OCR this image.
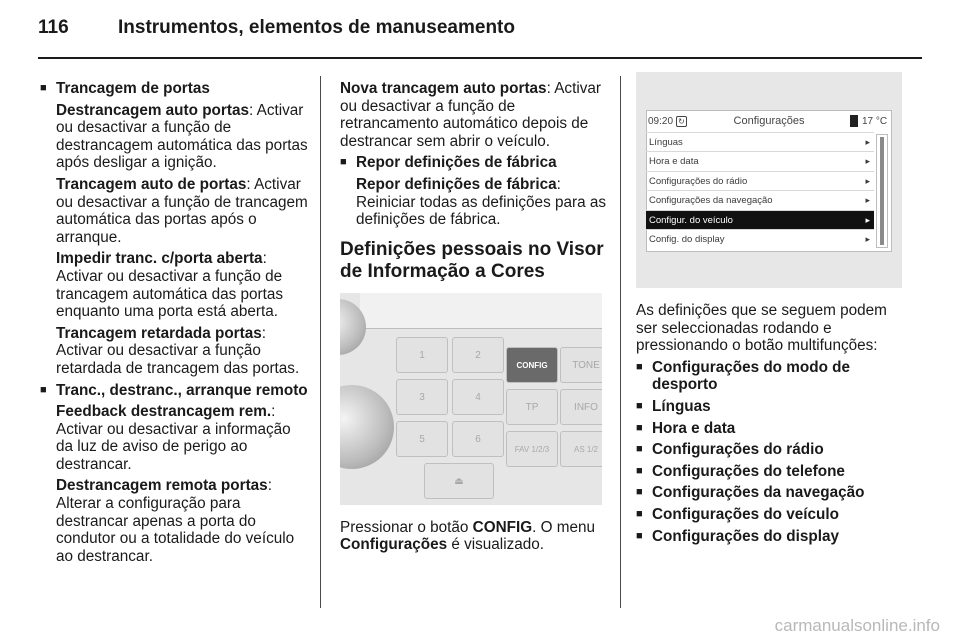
116	Instrumentos, elementos de manuseamento
■ Trancagem de portas
Destrancagem auto portas: Activar ou desactivar a função de destrancagem automática das portas após desligar a ignição.
Trancagem auto de portas: Activar ou desactivar a função de trancagem automática das portas após o arranque.
Impedir tranc. c/porta aberta: Activar ou desactivar a função de trancagem automática das portas enquanto uma porta está aberta.
Trancagem retardada portas: Activar ou desactivar a função retardada de trancagem das portas.
■ Tranc., destranc., arranque remoto
Feedback destrancagem rem.: Activar ou desactivar a informação da luz de aviso de perigo ao destrancar.
Destrancagem remota portas: Alterar a configuração para destrancar apenas a porta do condutor ou a totalidade do veículo ao destrancar.
Nova trancagem auto portas: Activar ou desactivar a função de retrancamento automático depois de destrancar sem abrir o veículo.
■ Repor definições de fábrica
Repor definições de fábrica: Reiniciar todas as definições para as definições de fábrica.
Definições pessoais no Visor de Informação a Cores
1	2
CONFIG	TONE
3	4
TP	INFO
5	6
FAV 1/2/3	AS 1/2
⏏
Pressionar o botão CONFIG. O menu Configurações é visualizado.
09:20 ↻	Configurações	17 °C
Línguas	▸
Hora e data	▸
Configurações do rádio	▸
Configurações da navegação	▸
Configur. do veículo	▸
Config. do display	▸
As definições que se seguem podem ser seleccionadas rodando e pressionando o botão multifunções:
■ Configurações do modo de desporto
■ Línguas
■ Hora e data
■ Configurações do rádio
■ Configurações do telefone
■ Configurações da navegação
■ Configurações do veículo
■ Configurações do display
carmanualsonline.info
